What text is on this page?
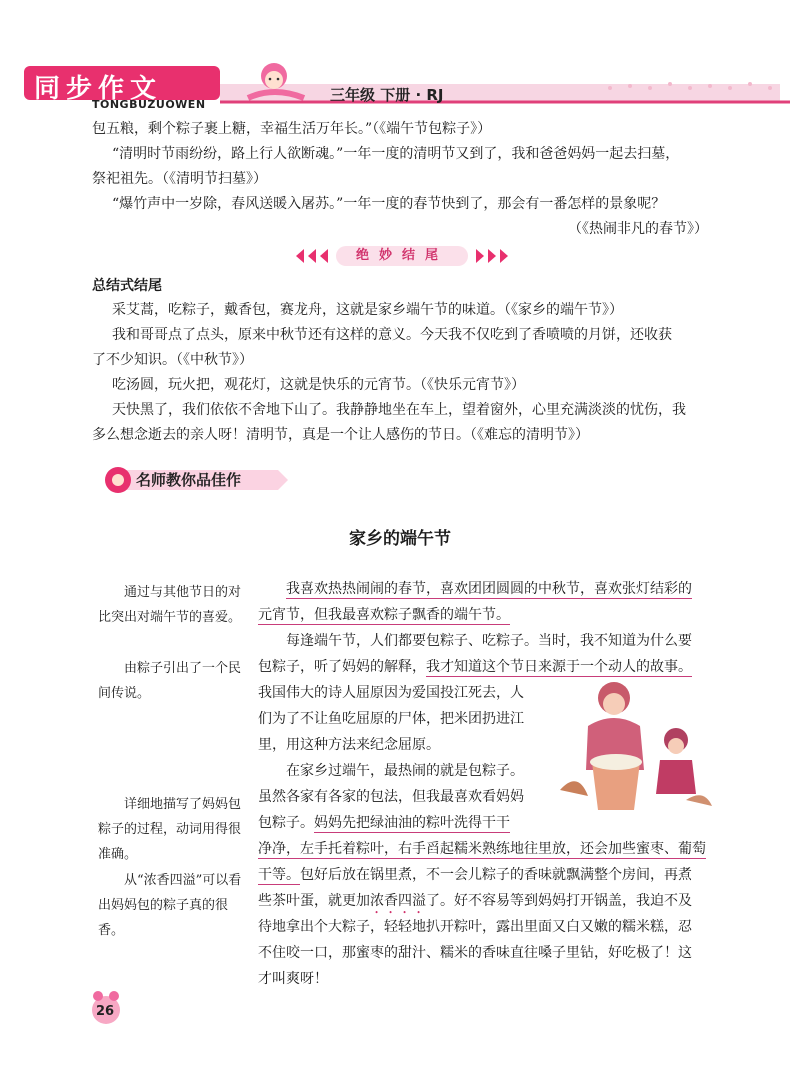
同步作文
TONGBUZUOWEN
三年级 下册 · RJ
包五粮，剩个粽子裹上糖，幸福生活万年长。”（《端午节包粽子》）
“清明时节雨纷纷，路上行人欲断魂。”一年一度的清明节又到了，我和爸爸妈妈一起去扫墓，
祭祀祖先。（《清明节扫墓》）
“爆竹声中一岁除，春风送暖入屠苏。”一年一度的春节快到了，那会有一番怎样的景象呢？
（《热闹非凡的春节》）
绝妙结尾
总结式结尾
采艾蒿，吃粽子，戴香包，赛龙舟，这就是家乡端午节的味道。（《家乡的端午节》）
我和哥哥点了点头，原来中秋节还有这样的意义。今天我不仅吃到了香喷喷的月饼，还收获
了不少知识。（《中秋节》）
吃汤圆，玩火把，观花灯，这就是快乐的元宵节。（《快乐元宵节》）
天快黑了，我们依依不舍地下山了。我静静地坐在车上，望着窗外，心里充满淡淡的忧伤，我
多么想念逝去的亲人呀！清明节，真是一个让人感伤的节日。（《难忘的清明节》）
名师教你品佳作
家乡的端午节

通过与其他节日的对比突出对端午节的喜爱。

由粽子引出了一个民间传说。

详细地描写了妈妈包粽子的过程，动词用得很准确。

从“浓香四溢”可以看出妈妈包的粽子真的很香。

我喜欢热热闹闹的春节，喜欢团团圆圆的中秋节，喜欢张灯结彩的
元宵节，但我最喜欢粽子飘香的端午节。
每逢端午节，人们都要包粽子、吃粽子。当时，我不知道为什么要
包粽子，听了妈妈的解释，我才知道这个节日来源于一个动人的故事。
我国伟大的诗人屈原因为爱国投江死去，人
们为了不让鱼吃屈原的尸体，把米团扔进江
里，用这种方法来纪念屈原。
在家乡过端午，最热闹的就是包粽子。
虽然各家有各家的包法，但我最喜欢看妈妈
包粽子。妈妈先把绿油油的粽叶洗得干干
净净，左手托着粽叶，右手舀起糯米熟练地往里放，还会加些蜜枣、葡萄
干等。包好后放在锅里煮，不一会儿粽子的香味就飘满整个房间，再煮
些茶叶蛋，就更加浓香四溢了。好不容易等到妈妈打开锅盖，我迫不及
待地拿出个大粽子，轻轻地扒开粽叶，露出里面又白又嫩的糯米糕，忍
不住咬一口，那蜜枣的甜汁、糯米的香味直往嗓子里钻，好吃极了！这
才叫爽呀！
26
